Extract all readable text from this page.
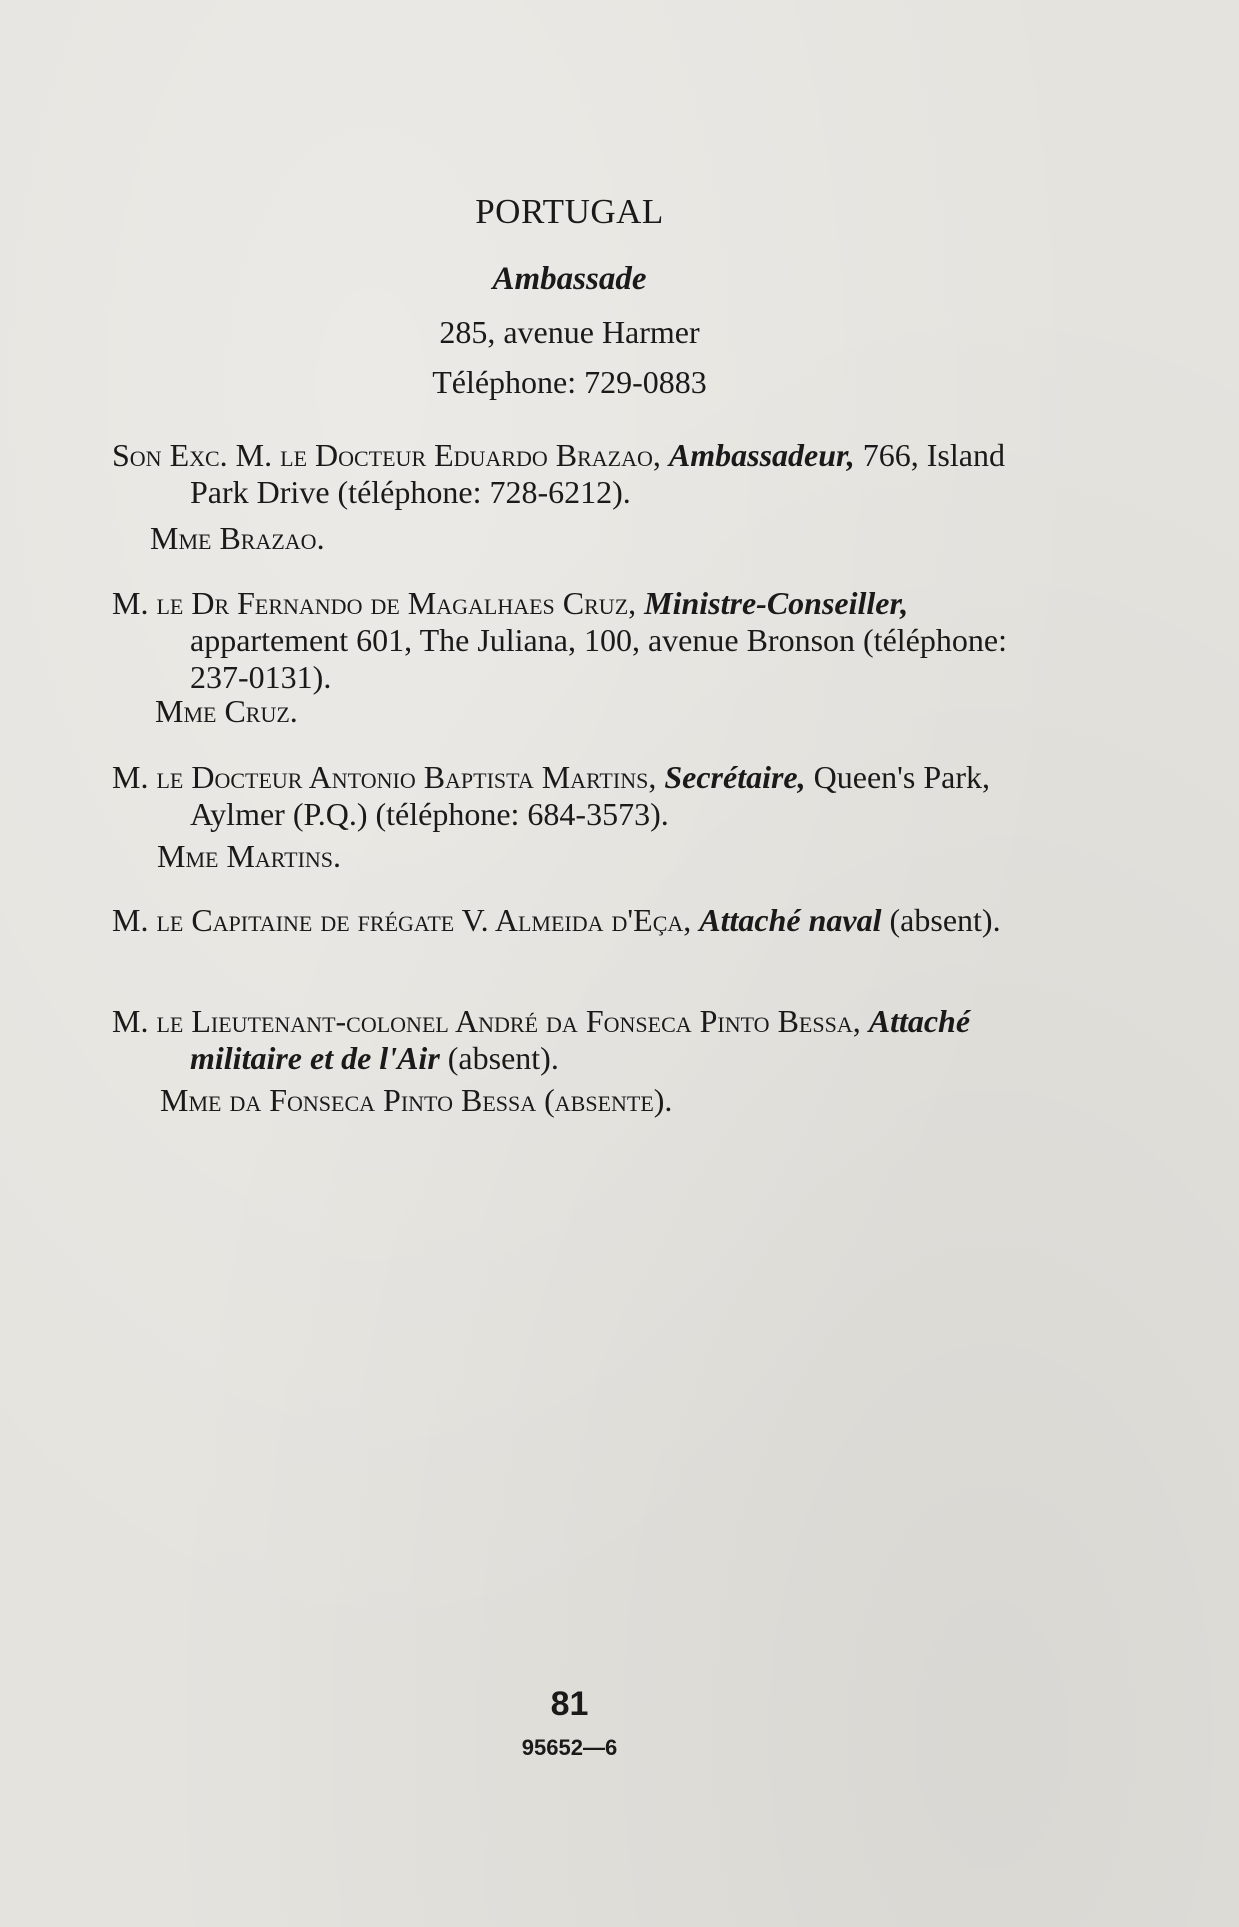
PORTUGAL
Ambassade
285, avenue Harmer
Téléphone: 729-0883
Son Exc. M. le Docteur Eduardo Brazao, Ambassadeur, 766, Island Park Drive (téléphone: 728-6212).
Mme Brazao.
M. le Dr Fernando de Magalhaes Cruz, Ministre-Conseiller, appartement 601, The Juliana, 100, avenue Bronson (téléphone: 237-0131).
Mme Cruz.
M. le Docteur Antonio Baptista Martins, Secrétaire, Queen's Park, Aylmer (P.Q.) (téléphone: 684-3573).
Mme Martins.
M. le Capitaine de frégate V. Almeida d'Eça, Attaché naval (absent).
M. le Lieutenant-colonel André da Fonseca Pinto Bessa, Attaché militaire et de l'Air (absent).
Mme da Fonseca Pinto Bessa (absente).
81
95652—6
